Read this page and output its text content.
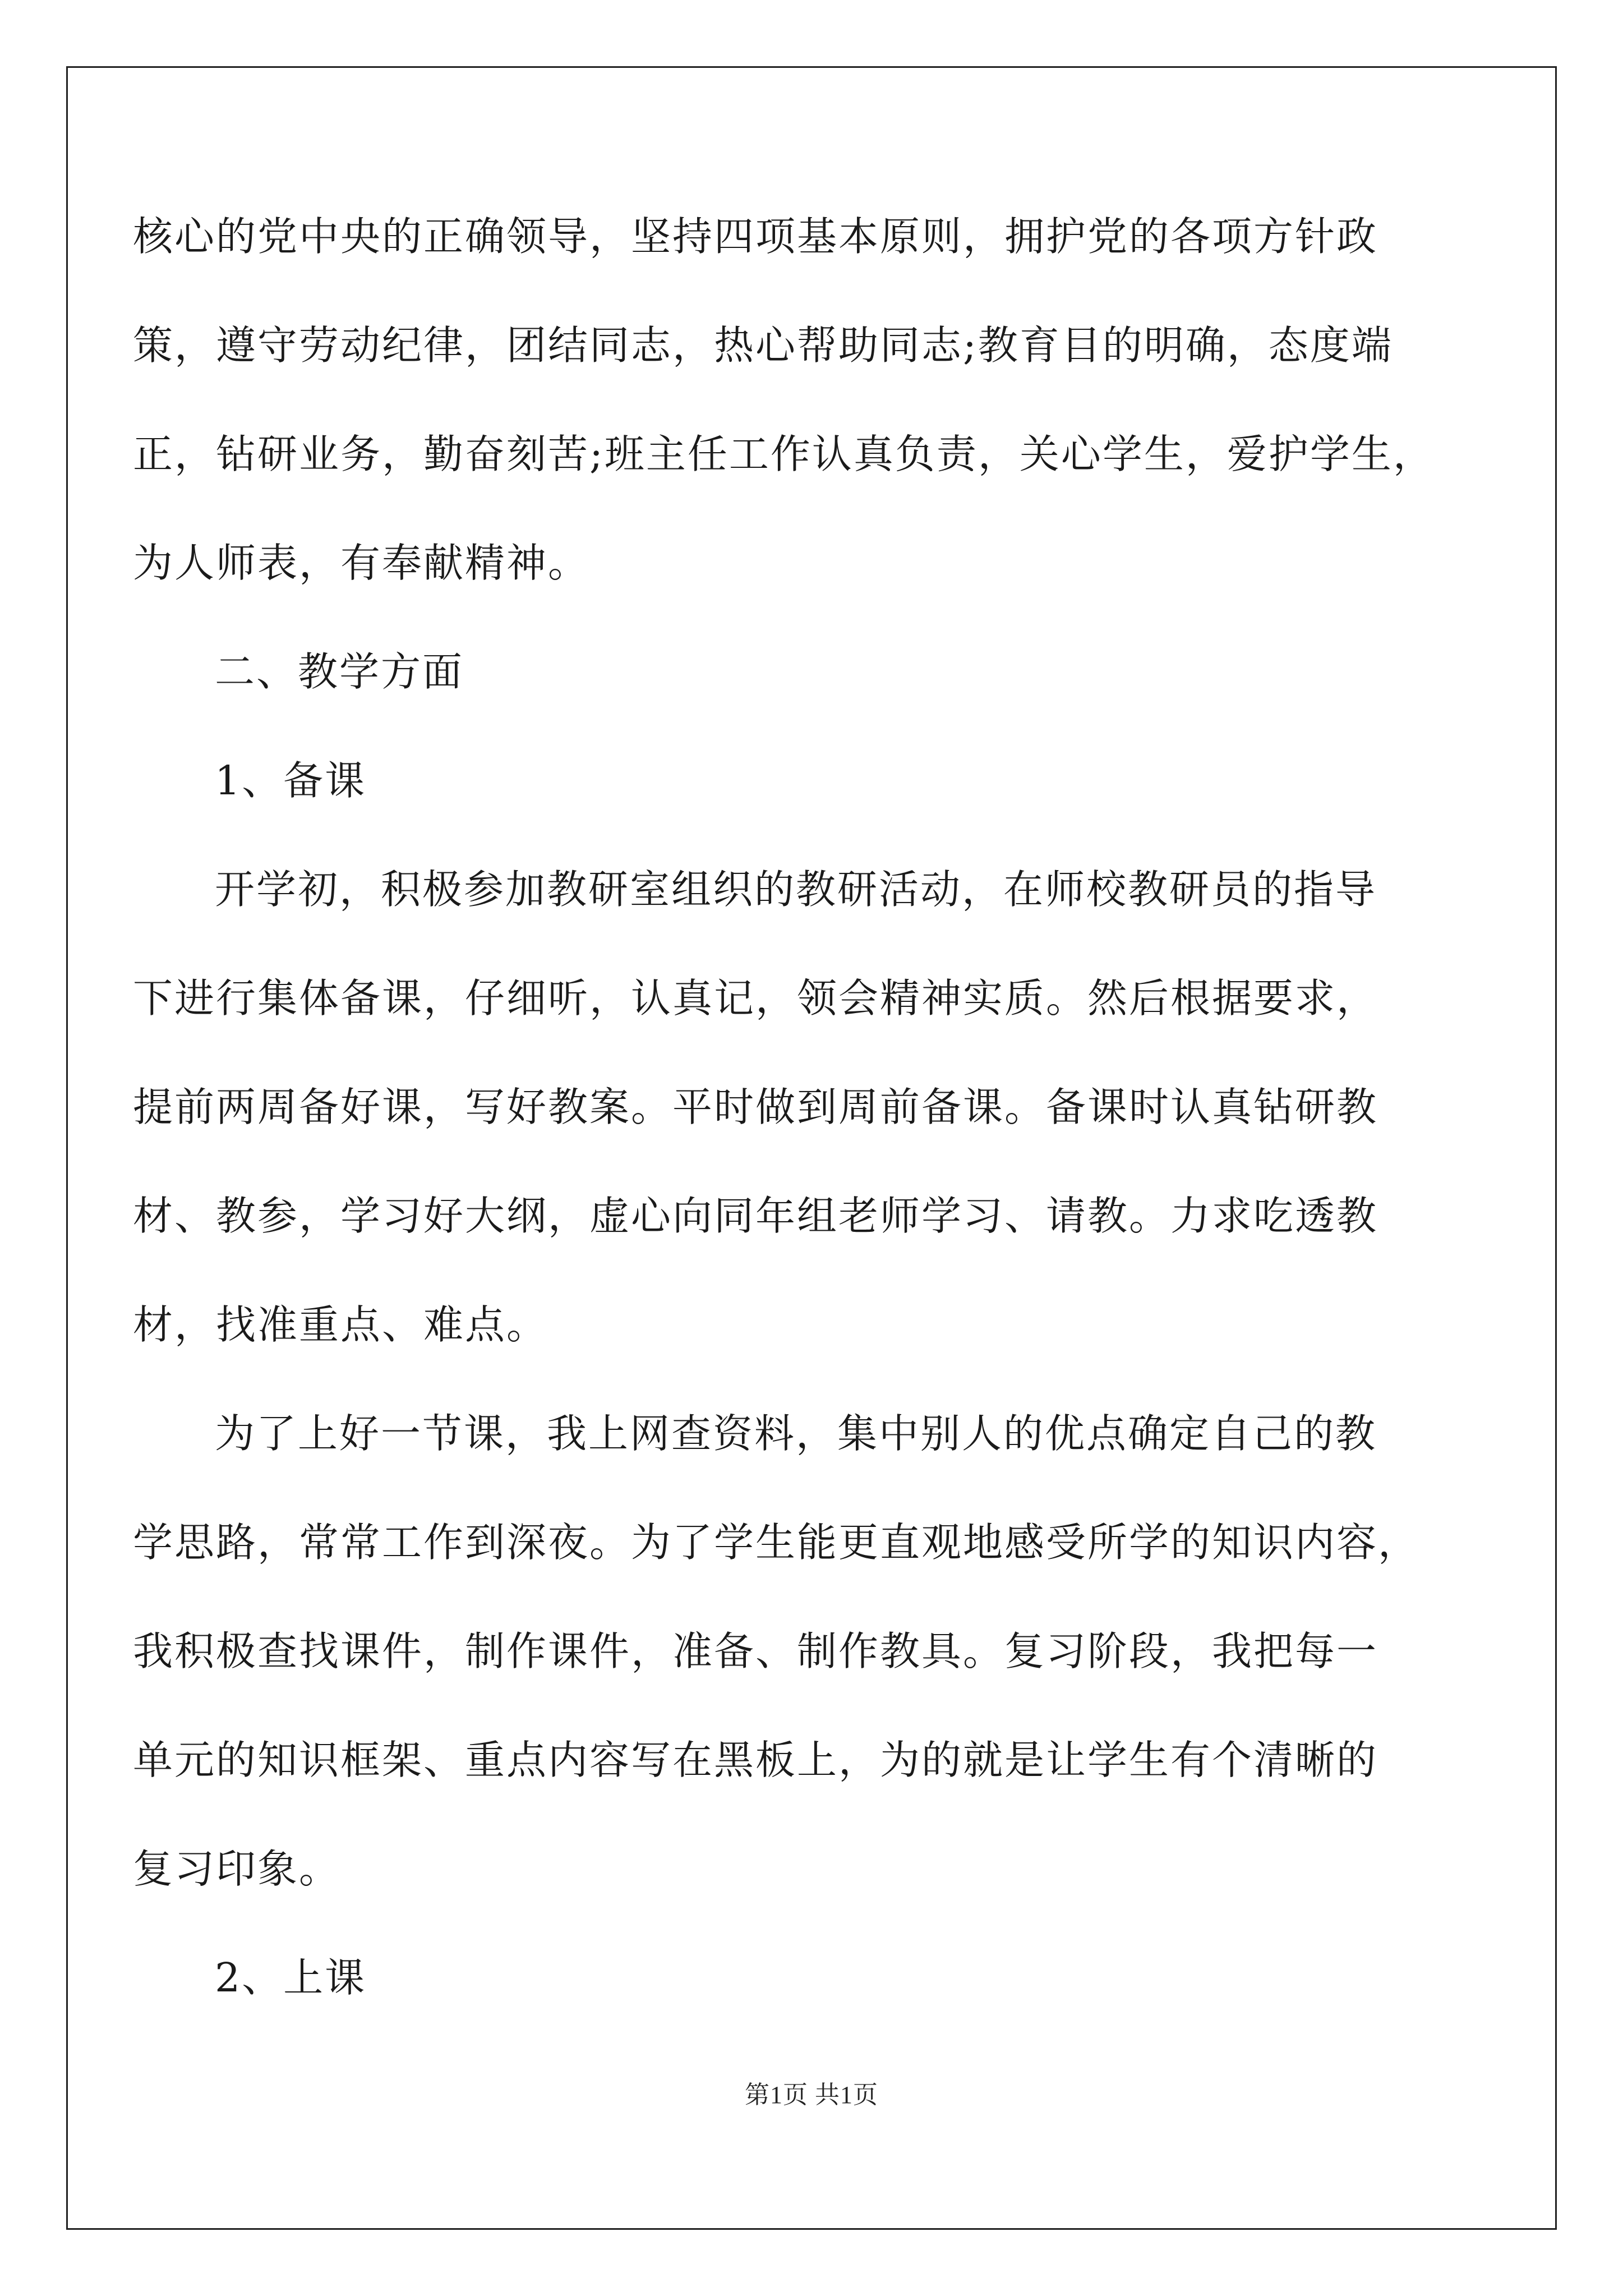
核心的党中央的正确领导，坚持四项基本原则，拥护党的各项方针政
策，遵守劳动纪律，团结同志，热心帮助同志;教育目的明确，态度端
正，钻研业务，勤奋刻苦;班主任工作认真负责，关心学生，爱护学生，
为人师表，有奉献精神。
二、教学方面
1、备课
开学初，积极参加教研室组织的教研活动，在师校教研员的指导
下进行集体备课，仔细听，认真记，领会精神实质。然后根据要求，
提前两周备好课，写好教案。平时做到周前备课。备课时认真钻研教
材、教参，学习好大纲，虚心向同年组老师学习、请教。力求吃透教
材，找准重点、难点。
为了上好一节课，我上网查资料，集中别人的优点确定自己的教
学思路，常常工作到深夜。为了学生能更直观地感受所学的知识内容，
我积极查找课件，制作课件，准备、制作教具。复习阶段，我把每一
单元的知识框架、重点内容写在黑板上，为的就是让学生有个清晰的
复习印象。
2、上课
第1页 共1页
